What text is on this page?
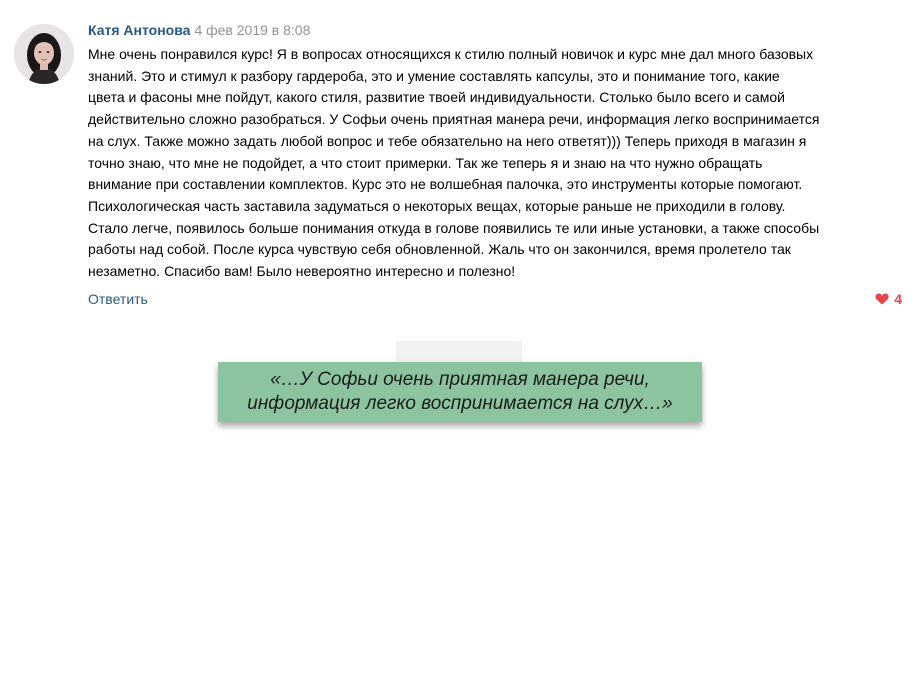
Катя Антонова 4 фев 2019 в 8:08
Мне очень понравился курс! Я в вопросах относящихся к стилю полный новичок и курс мне дал много базовых
знаний. Это и стимул к разбору гардероба, это и умение составлять капсулы, это и понимание того, какие
цвета и фасоны мне пойдут, какого стиля, развитие твоей индивидуальности. Столько было всего и самой
действительно сложно разобраться. У Софьи очень приятная манера речи, информация легко воспринимается
на слух. Также можно задать любой вопрос и тебе обязательно на него ответят))) Теперь приходя в магазин я
точно знаю, что мне не подойдет, а что стоит примерки. Так же теперь я и знаю на что нужно обращать
внимание при составлении комплектов. Курс это не волшебная палочка, это инструменты которые помогают.
Психологическая часть заставила задуматься о некоторых вещах, которые раньше не приходили в голову.
Стало легче, появилось больше понимания откуда в голове появились те или иные установки, а также способы
работы над собой. После курса чувствую себя обновленной. Жаль что он закончился, время пролетело так
незаметно. Спасибо вам! Было невероятно интересно и полезно!
Ответить	4
«…У Софьи очень приятная манера речи,
информация легко воспринимается на слух…»
